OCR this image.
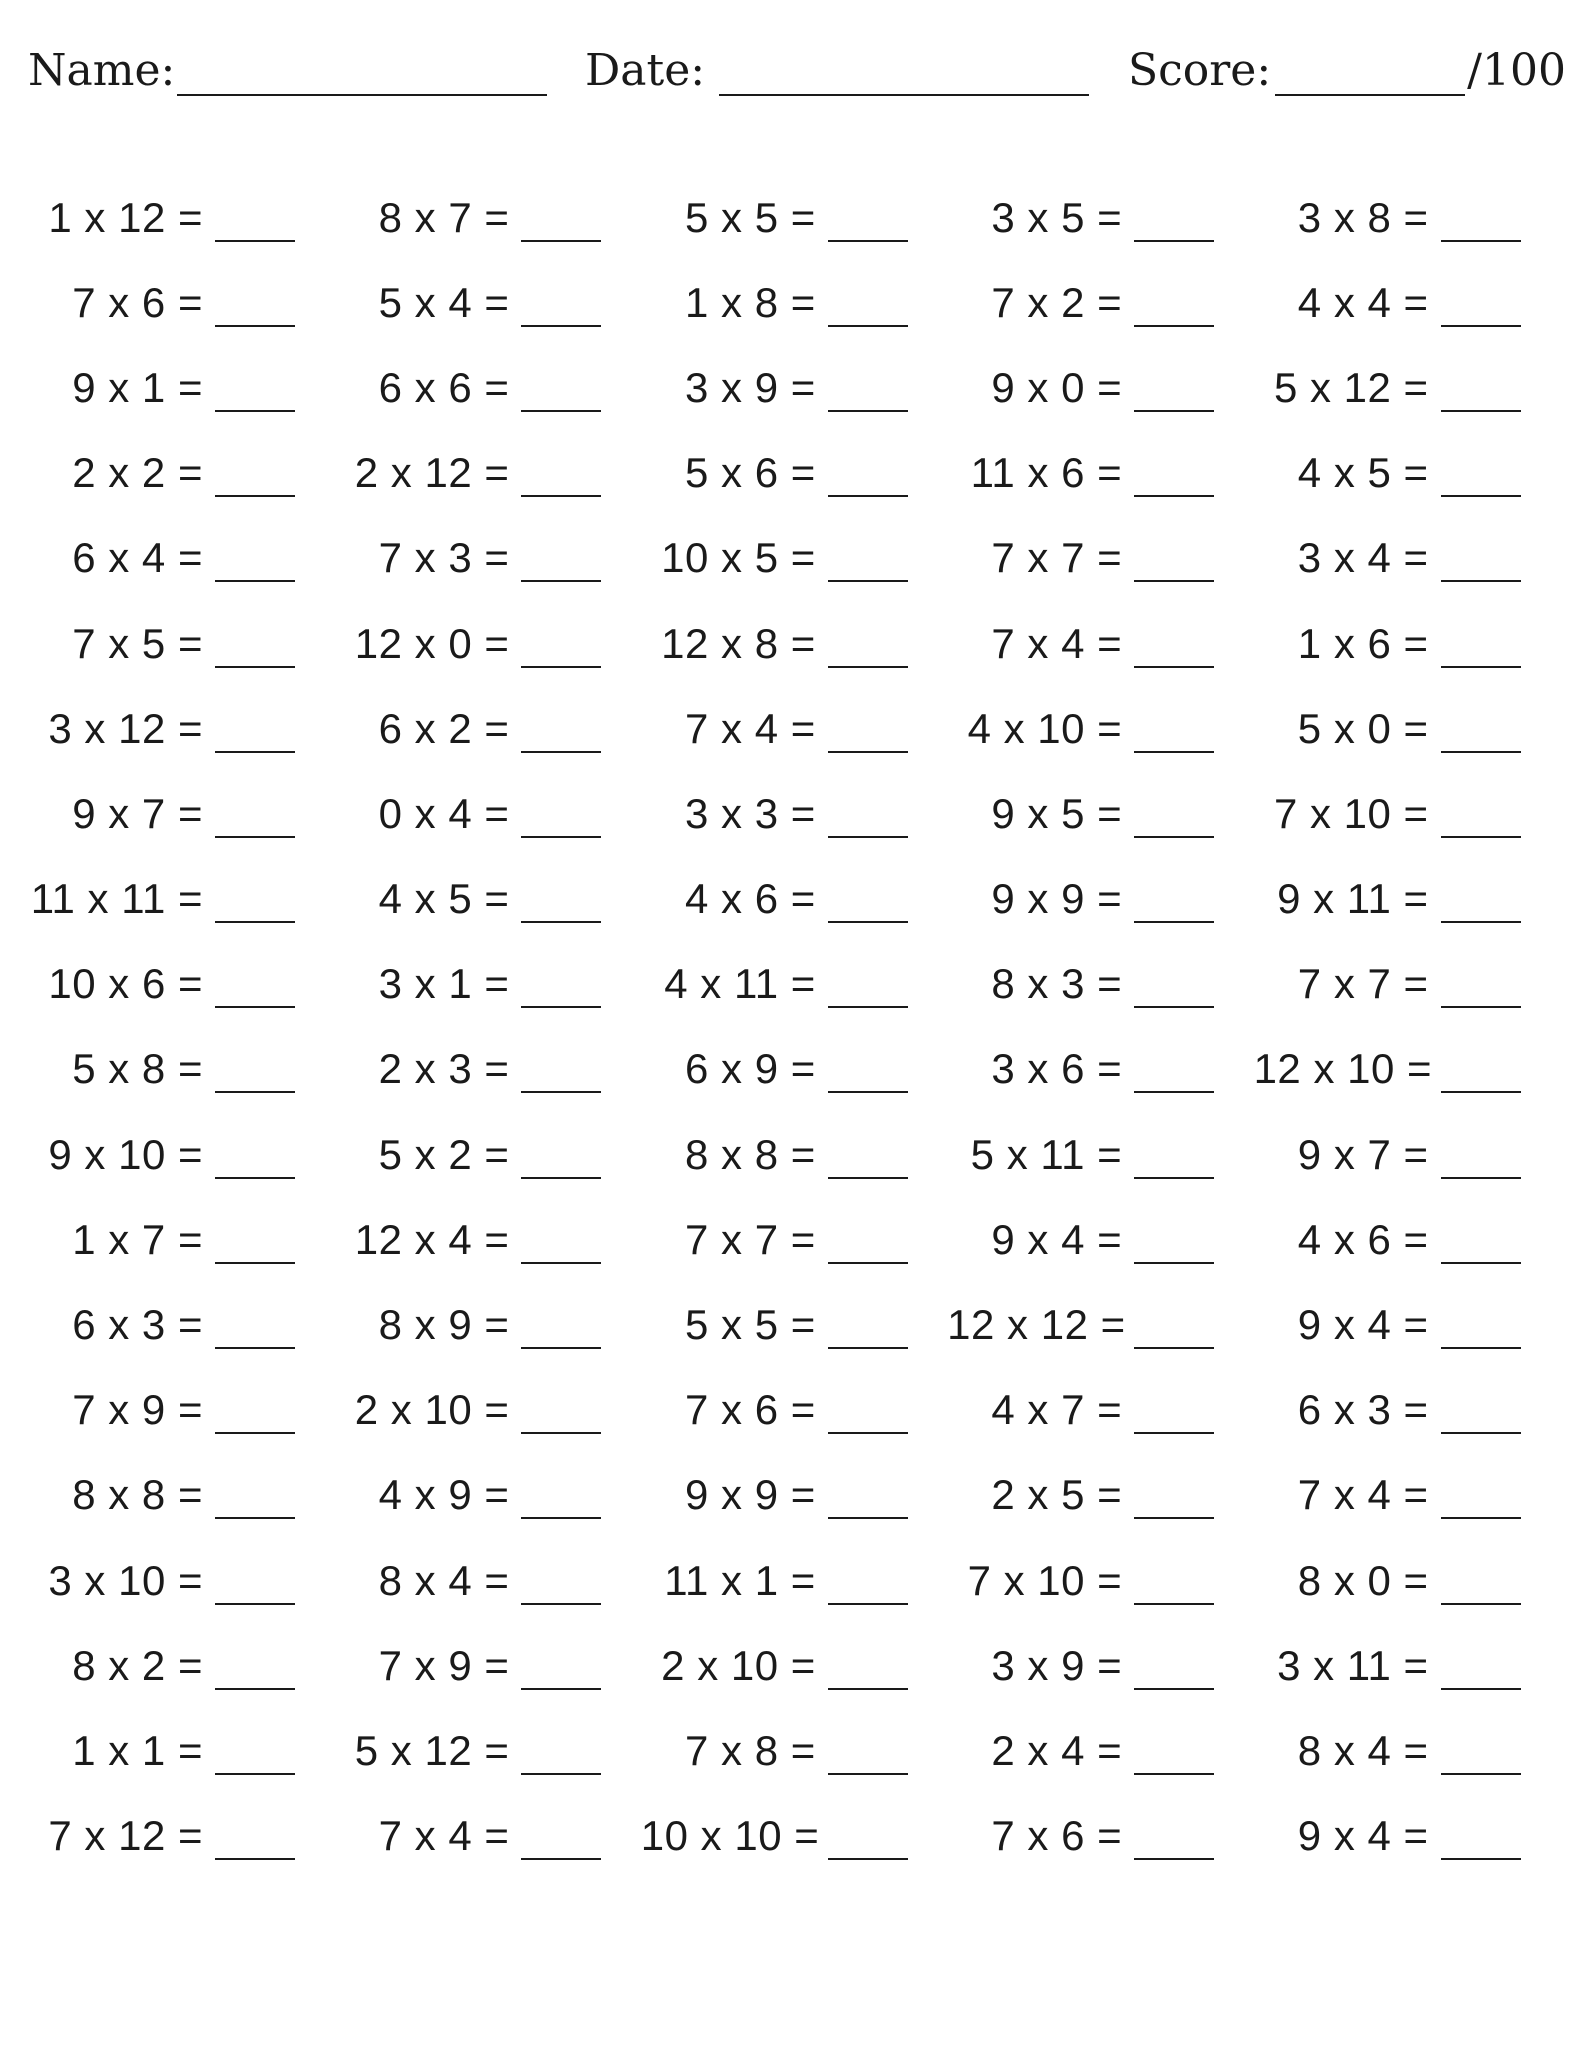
Name:	Date:	Score:	/100
1 x 12 =	8 x 7 =	5 x 5 =	3 x 5 =	3 x 8 =
7 x 6 =	5 x 4 =	1 x 8 =	7 x 2 =	4 x 4 =
9 x 1 =	6 x 6 =	3 x 9 =	9 x 0 =	5 x 12 =
2 x 2 =	2 x 12 =	5 x 6 =	11 x 6 =	4 x 5 =
6 x 4 =	7 x 3 =	10 x 5 =	7 x 7 =	3 x 4 =
7 x 5 =	12 x 0 =	12 x 8 =	7 x 4 =	1 x 6 =
3 x 12 =	6 x 2 =	7 x 4 =	4 x 10 =	5 x 0 =
9 x 7 =	0 x 4 =	3 x 3 =	9 x 5 =	7 x 10 =
11 x 11 =	4 x 5 =	4 x 6 =	9 x 9 =	9 x 11 =
10 x 6 =	3 x 1 =	4 x 11 =	8 x 3 =	7 x 7 =
5 x 8 =	2 x 3 =	6 x 9 =	3 x 6 =	12 x 10 =
9 x 10 =	5 x 2 =	8 x 8 =	5 x 11 =	9 x 7 =
1 x 7 =	12 x 4 =	7 x 7 =	9 x 4 =	4 x 6 =
6 x 3 =	8 x 9 =	5 x 5 =	12 x 12 =	9 x 4 =
7 x 9 =	2 x 10 =	7 x 6 =	4 x 7 =	6 x 3 =
8 x 8 =	4 x 9 =	9 x 9 =	2 x 5 =	7 x 4 =
3 x 10 =	8 x 4 =	11 x 1 =	7 x 10 =	8 x 0 =
8 x 2 =	7 x 9 =	2 x 10 =	3 x 9 =	3 x 11 =
1 x 1 =	5 x 12 =	7 x 8 =	2 x 4 =	8 x 4 =
7 x 12 =	7 x 4 =	10 x 10 =	7 x 6 =	9 x 4 =
